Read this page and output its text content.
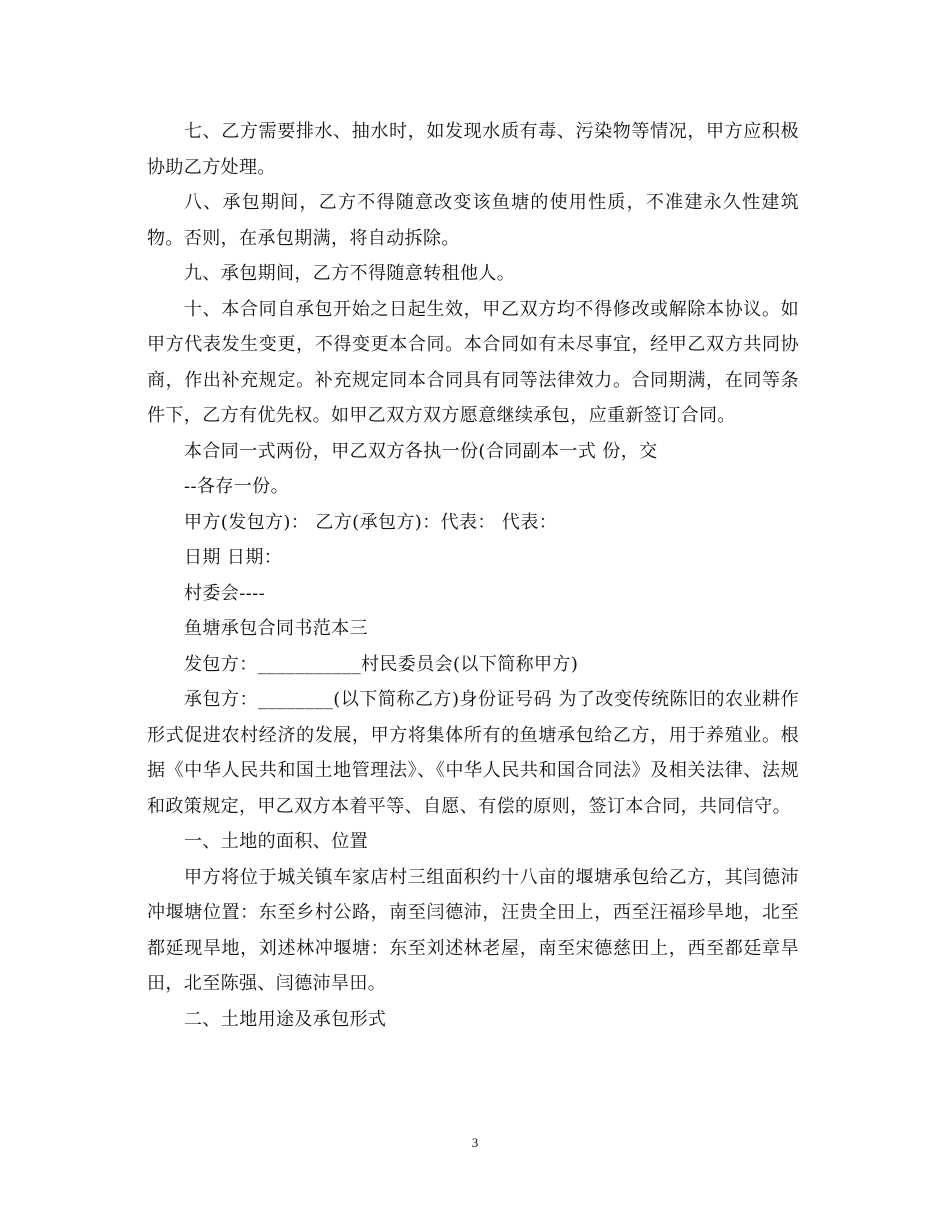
七、乙方需要排水、抽水时，如发现水质有毒、污染物等情况，甲方应积极协助乙方处理。

八、承包期间，乙方不得随意改变该鱼塘的使用性质，不准建永久性建筑物。否则，在承包期满，将自动拆除。

九、承包期间，乙方不得随意转租他人。

十、本合同自承包开始之日起生效，甲乙双方均不得修改或解除本协议。如甲方代表发生变更，不得变更本合同。本合同如有未尽事宜，经甲乙双方共同协商，作出补充规定。补充规定同本合同具有同等法律效力。合同期满，在同等条件下，乙方有优先权。如甲乙双方双方愿意继续承包，应重新签订合同。

本合同一式两份，甲乙双方各执一份(合同副本一式 份，交

--各存一份。

甲方(发包方)： 乙方(承包方)：代表： 代表：

日期 日期：

村委会----

鱼塘承包合同书范本三

发包方：___________村民委员会(以下简称甲方)

承包方：________(以下简称乙方)身份证号码 为了改变传统陈旧的农业耕作形式促进农村经济的发展，甲方将集体所有的鱼塘承包给乙方，用于养殖业。根据《中华人民共和国土地管理法》、《中华人民共和国合同法》及相关法律、法规和政策规定，甲乙双方本着平等、自愿、有偿的原则，签订本合同，共同信守。

一、土地的面积、位置

甲方将位于城关镇车家店村三组面积约十八亩的堰塘承包给乙方，其闫德沛冲堰塘位置：东至乡村公路，南至闫德沛，汪贵全田上，西至汪福珍旱地，北至都延现旱地，刘述林冲堰塘：东至刘述林老屋，南至宋德慈田上，西至都廷章旱田，北至陈强、闫德沛旱田。

二、土地用途及承包形式

3
